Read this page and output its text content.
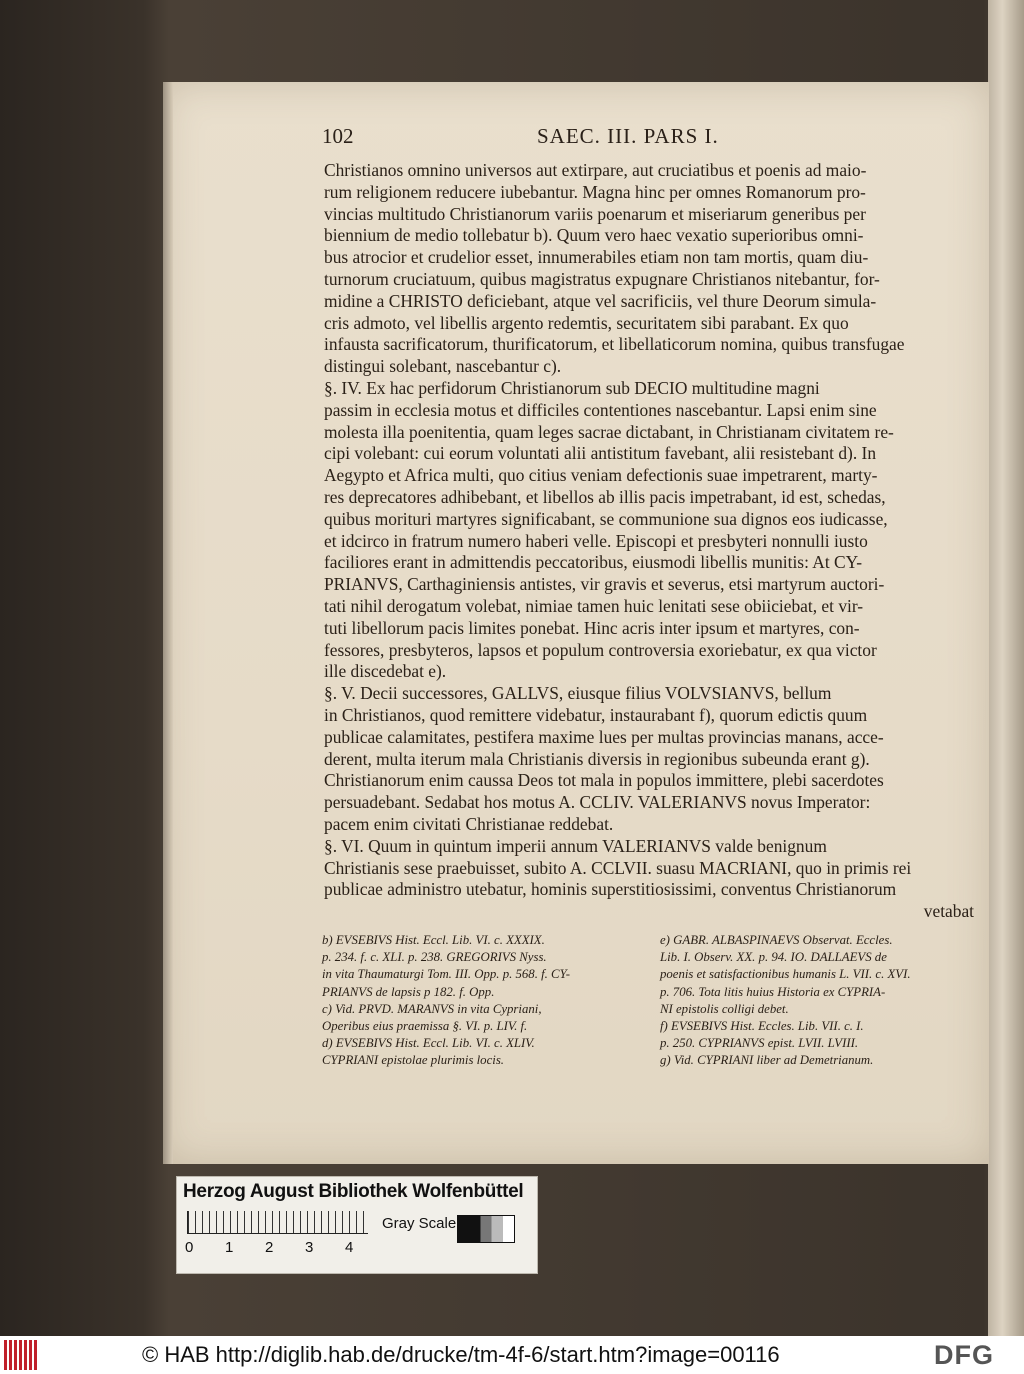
102	SAEC. III. PARS I.
Christianos omnino universos aut extirpare, aut cruciatibus et poenis ad maio-
rum religionem reducere iubebantur. Magna hinc per omnes Romanorum pro-
vincias multitudo Christianorum variis poenarum et miseriarum generibus per
biennium de medio tollebatur b). Quum vero haec vexatio superioribus omni-
bus atrocior et crudelior esset, innumerabiles etiam non tam mortis, quam diu-
turnorum cruciatuum, quibus magistratus expugnare Christianos nitebantur, for-
midine a CHRISTO deficiebant, atque vel sacrificiis, vel thure Deorum simula-
cris admoto, vel libellis argento redemtis, securitatem sibi parabant. Ex quo
infausta sacrificatorum, thurificatorum, et libellaticorum nomina, quibus transfugae
distingui solebant, nascebantur c).
§. IV. Ex hac perfidorum Christianorum sub DECIO multitudine magni
passim in ecclesia motus et difficiles contentiones nascebantur. Lapsi enim sine
molesta illa poenitentia, quam leges sacrae dictabant, in Christianam civitatem re-
cipi volebant: cui eorum voluntati alii antistitum favebant, alii resistebant d). In
Aegypto et Africa multi, quo citius veniam defectionis suae impetrarent, marty-
res deprecatores adhibebant, et libellos ab illis pacis impetrabant, id est, schedas,
quibus morituri martyres significabant, se communione sua dignos eos iudicasse,
et idcirco in fratrum numero haberi velle. Episcopi et presbyteri nonnulli iusto
faciliores erant in admittendis peccatoribus, eiusmodi libellis munitis: At CY-
PRIANVS, Carthaginiensis antistes, vir gravis et severus, etsi martyrum auctori-
tati nihil derogatum volebat, nimiae tamen huic lenitati sese obiiciebat, et vir-
tuti libellorum pacis limites ponebat. Hinc acris inter ipsum et martyres, con-
fessores, presbyteros, lapsos et populum controversia exoriebatur, ex qua victor
ille discedebat e).
§. V. Decii successores, GALLVS, eiusque filius VOLVSIANVS, bellum
in Christianos, quod remittere videbatur, instaurabant f), quorum edictis quum
publicae calamitates, pestifera maxime lues per multas provincias manans, acce-
derent, multa iterum mala Christianis diversis in regionibus subeunda erant g).
Christianorum enim caussa Deos tot mala in populos immittere, plebi sacerdotes
persuadebant. Sedabat hos motus A. CCLIV. VALERIANVS novus Imperator:
pacem enim civitati Christianae reddebat.
§. VI. Quum in quintum imperii annum VALERIANVS valde benignum
Christianis sese praebuisset, subito A. CCLVII. suasu MACRIANI, quo in primis rei
publicae administro utebatur, hominis superstitiosissimi, conventus Christianorum
vetabat
b) EVSEBIVS Hist. Eccl. Lib. VI. c. XXXIX.
p. 234. f. c. XLI. p. 238. GREGORIVS Nyss.
in vita Thaumaturgi Tom. III. Opp. p. 568. f. CY-
PRIANVS de lapsis p 182. f. Opp.
c) Vid. PRVD. MARANVS in vita Cypriani,
Operibus eius praemissa §. VI. p. LIV. f.
d) EVSEBIVS Hist. Eccl. Lib. VI. c. XLIV.
CYPRIANI epistolae plurimis locis.
e) GABR. ALBASPINAEVS Observat. Eccles.
Lib. I. Observ. XX. p. 94. IO. DALLAEVS de
poenis et satisfactionibus humanis L. VII. c. XVI.
p. 706. Tota litis huius Historia ex CYPRIA-
NI epistolis colligi debet.
f) EVSEBIVS Hist. Eccles. Lib. VII. c. I.
p. 250. CYPRIANVS epist. LVII. LVIII.
g) Vid. CYPRIANI liber ad Demetrianum.
Herzog August Bibliothek Wolfenbüttel
0 1 2 3 4
Gray Scale
© HAB http://diglib.hab.de/drucke/tm-4f-6/start.htm?image=00116	DFG
